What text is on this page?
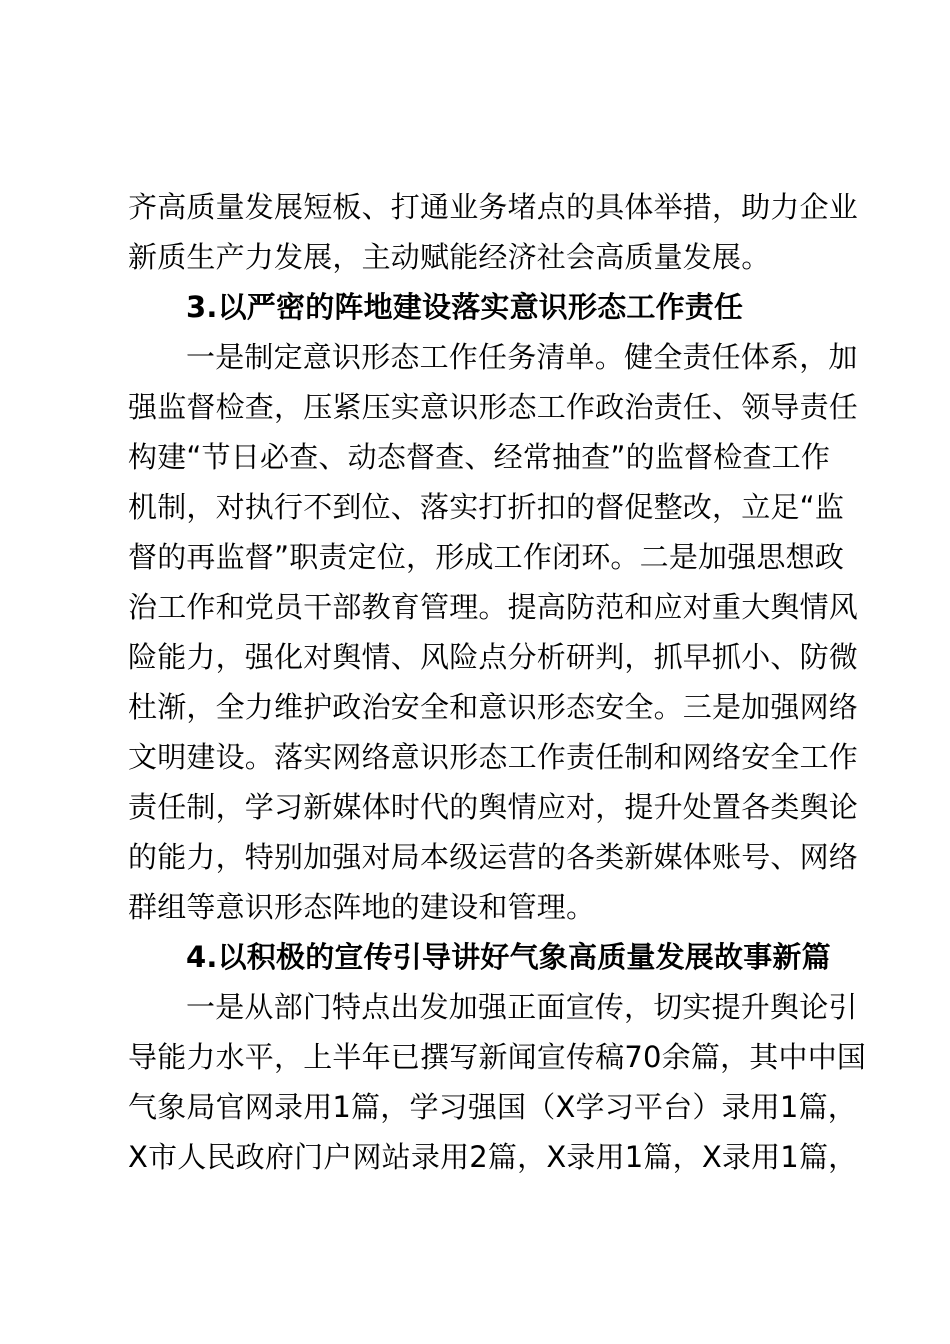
齐高质量发展短板、打通业务堵点的具体举措，助力企业
新质生产力发展，主动赋能经济社会高质量发展。
3.以严密的阵地建设落实意识形态工作责任
一是制定意识形态工作任务清单。健全责任体系，加
强监督检查，压紧压实意识形态工作政治责任、领导责任
构建“节日必查、动态督查、经常抽查”的监督检查工作
机制，对执行不到位、落实打折扣的督促整改，立足“监
督的再监督”职责定位，形成工作闭环。二是加强思想政
治工作和党员干部教育管理。提高防范和应对重大舆情风
险能力，强化对舆情、风险点分析研判，抓早抓小、防微
杜渐，全力维护政治安全和意识形态安全。三是加强网络
文明建设。落实网络意识形态工作责任制和网络安全工作
责任制，学习新媒体时代的舆情应对，提升处置各类舆论
的能力，特别加强对局本级运营的各类新媒体账号、网络
群组等意识形态阵地的建设和管理。
4.以积极的宣传引导讲好气象高质量发展故事新篇
一是从部门特点出发加强正面宣传，切实提升舆论引
导能力水平，上半年已撰写新闻宣传稿70余篇，其中中国
气象局官网录用1篇，学习强国（X学习平台）录用1篇，
X市人民政府门户网站录用2篇，X录用1篇，X录用1篇，
